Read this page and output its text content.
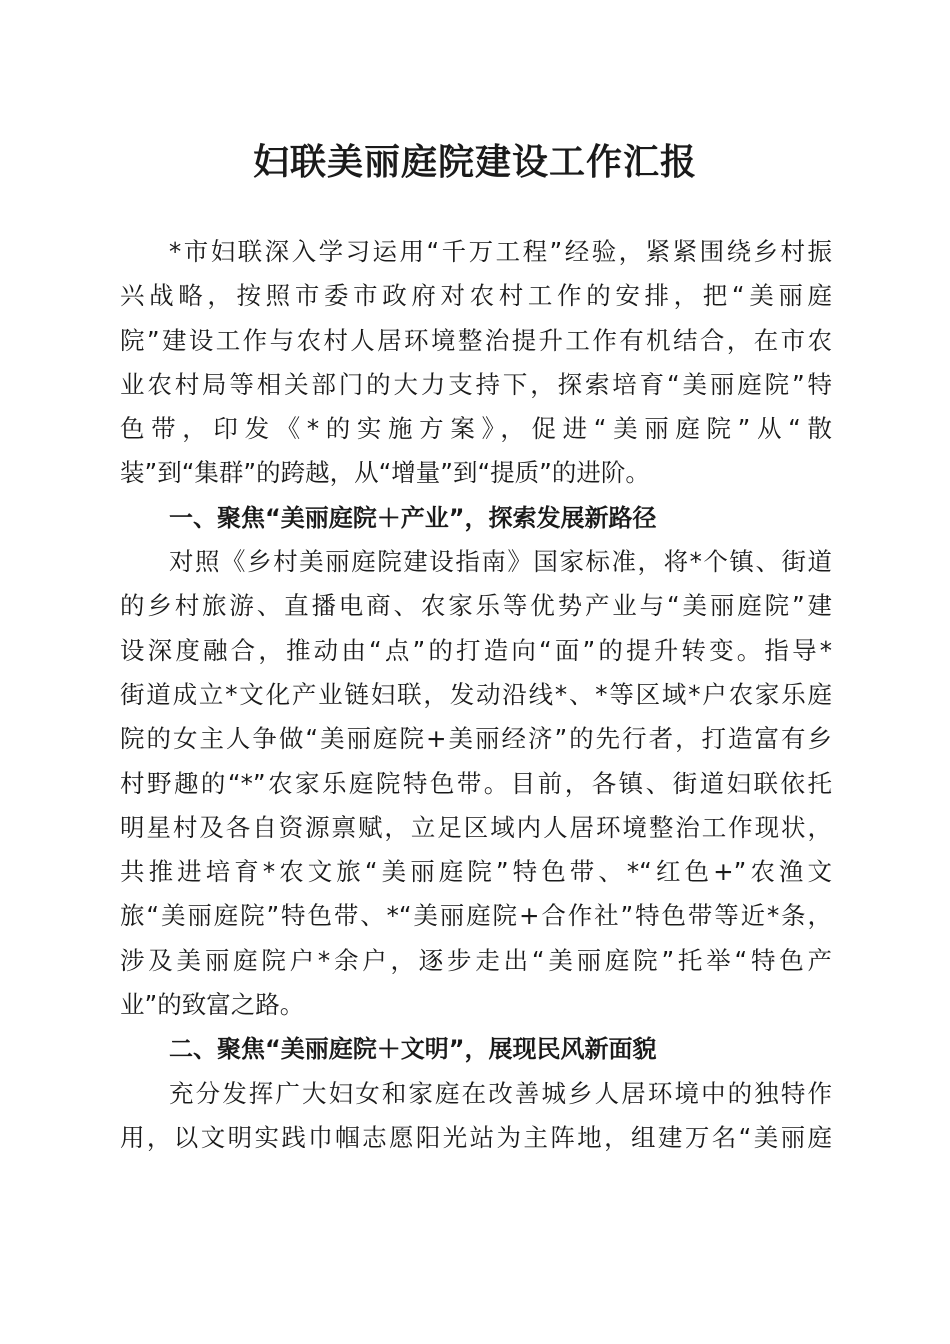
妇联美丽庭院建设工作汇报
*市妇联深入学习运用“千万工程”经验，紧紧围绕乡村振
兴战略，按照市委市政府对农村工作的安排，把“美丽庭
院”建设工作与农村人居环境整治提升工作有机结合，在市农
业农村局等相关部门的大力支持下，探索培育“美丽庭院”特
色带，印发《*的实施方案》，促进“美丽庭院”从“散
装”到“集群”的跨越，从“增量”到“提质”的进阶。
一、聚焦“美丽庭院＋产业”，探索发展新路径
对照《乡村美丽庭院建设指南》国家标准，将*个镇、街道
的乡村旅游、直播电商、农家乐等优势产业与“美丽庭院”建
设深度融合，推动由“点”的打造向“面”的提升转变。指导*
街道成立*文化产业链妇联，发动沿线*、*等区域*户农家乐庭
院的女主人争做“美丽庭院+美丽经济”的先行者，打造富有乡
村野趣的“*”农家乐庭院特色带。目前，各镇、街道妇联依托
明星村及各自资源禀赋，立足区域内人居环境整治工作现状，
共推进培育*农文旅“美丽庭院”特色带、*“红色+”农渔文
旅“美丽庭院”特色带、*“美丽庭院+合作社”特色带等近*条，
涉及美丽庭院户*余户，逐步走出“美丽庭院”托举“特色产
业”的致富之路。
二、聚焦“美丽庭院＋文明”，展现民风新面貌
充分发挥广大妇女和家庭在改善城乡人居环境中的独特作
用，以文明实践巾帼志愿阳光站为主阵地，组建万名“美丽庭
